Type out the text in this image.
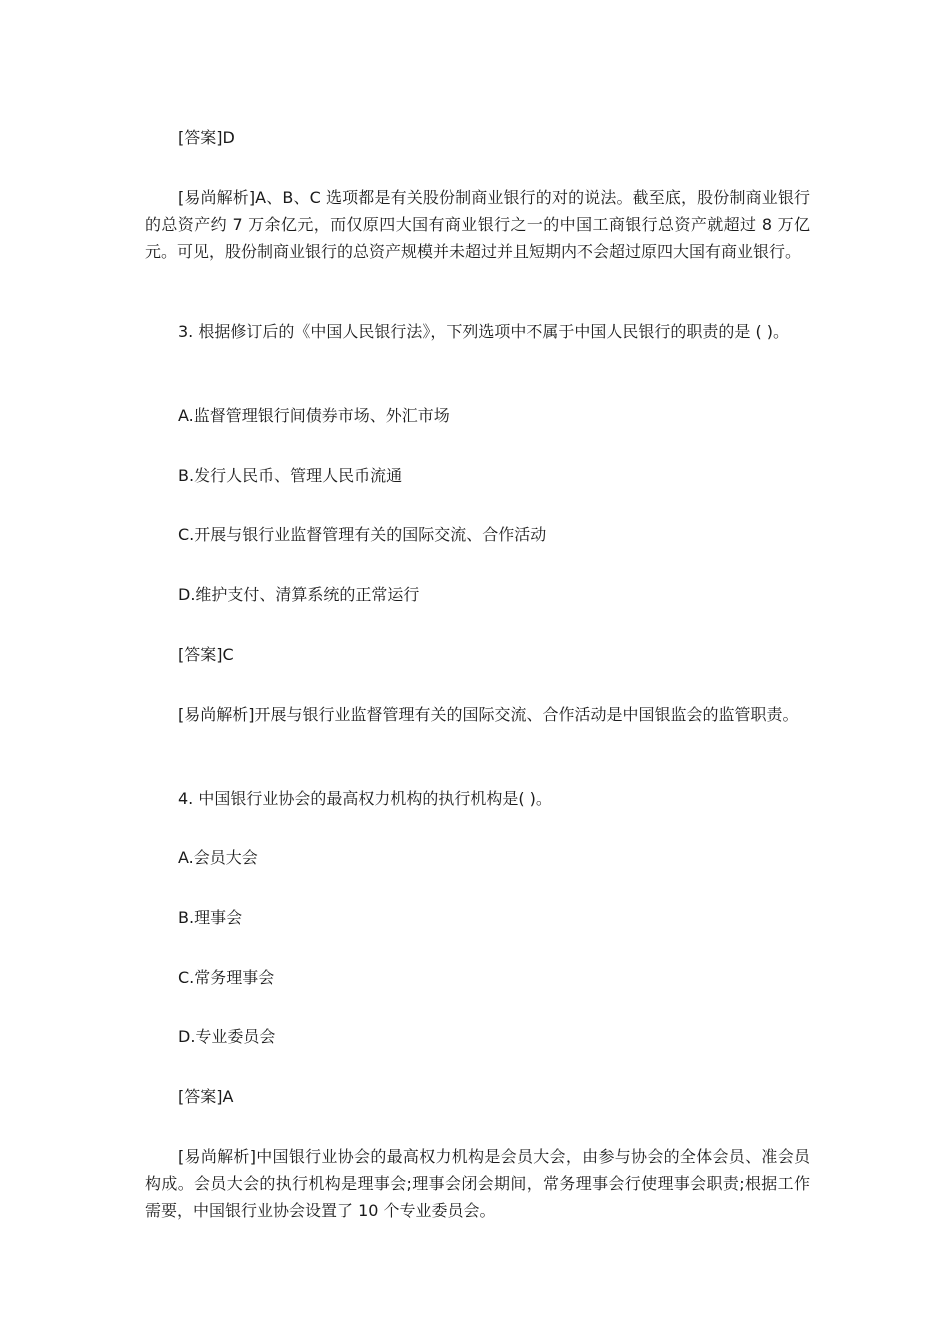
[答案]D

[易尚解析]A、B、C 选项都是有关股份制商业银行的对的说法。截至底，股份制商业银行的总资产约 7 万余亿元，而仅原四大国有商业银行之一的中国工商银行总资产就超过 8 万亿元。可见，股份制商业银行的总资产规模并未超过并且短期内不会超过原四大国有商业银行。

3. 根据修订后的《中国人民银行法》，下列选项中不属于中国人民银行的职责的是 ( )。

A.监督管理银行间债券市场、外汇市场

B.发行人民币、管理人民币流通

C.开展与银行业监督管理有关的国际交流、合作活动

D.维护支付、清算系统的正常运行

[答案]C

[易尚解析]开展与银行业监督管理有关的国际交流、合作活动是中国银监会的监管职责。

4. 中国银行业协会的最高权力机构的执行机构是( )。

A.会员大会

B.理事会

C.常务理事会

D.专业委员会

[答案]A

[易尚解析]中国银行业协会的最高权力机构是会员大会，由参与协会的全体会员、准会员构成。会员大会的执行机构是理事会;理事会闭会期间，常务理事会行使理事会职责;根据工作需要，中国银行业协会设置了 10 个专业委员会。
